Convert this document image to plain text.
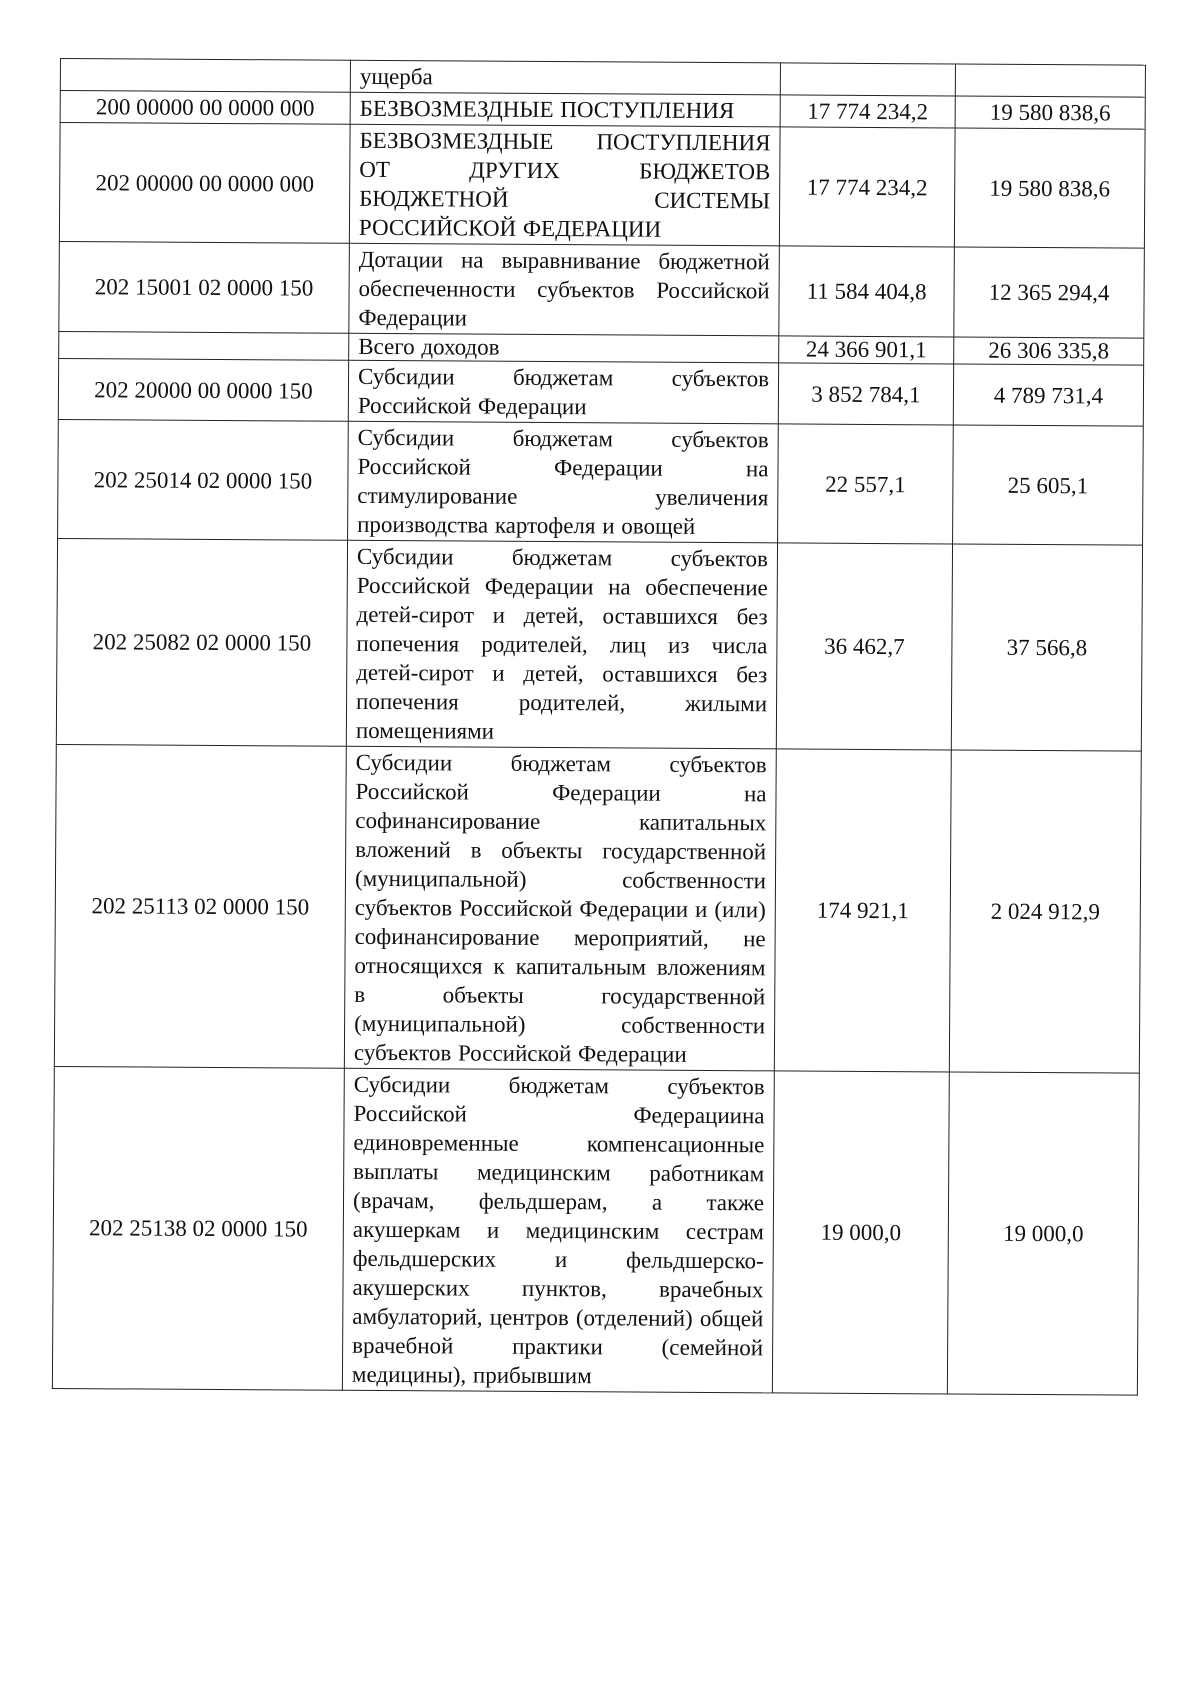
	ущерба		
200 00000 00 0000 000	БЕЗВОЗМЕЗДНЫЕ ПОСТУПЛЕНИЯ	17 774 234,2	19 580 838,6
202 00000 00 0000 000	БЕЗВОЗМЕЗДНЫЕ ПОСТУПЛЕНИЯ ОТ ДРУГИХ БЮДЖЕТОВ БЮДЖЕТНОЙ СИСТЕМЫ РОССИЙСКОЙ ФЕДЕРАЦИИ	17 774 234,2	19 580 838,6
202 15001 02 0000 150	Дотации на выравнивание бюджетной обеспеченности субъектов Российской Федерации	11 584 404,8	12 365 294,4
	Всего доходов	24 366 901,1	26 306 335,8
202 20000 00 0000 150	Субсидии бюджетам субъектов Российской Федерации	3 852 784,1	4 789 731,4
202 25014 02 0000 150	Субсидии бюджетам субъектов Российской Федерации на стимулирование увеличения производства картофеля и овощей	22 557,1	25 605,1
202 25082 02 0000 150	Субсидии бюджетам субъектов Российской Федерации на обеспечение детей-сирот и детей, оставшихся без попечения родителей, лиц из числа детей-сирот и детей, оставшихся без попечения родителей, жилыми помещениями	36 462,7	37 566,8
202 25113 02 0000 150	Субсидии бюджетам субъектов Российской Федерации на софинансирование капитальных вложений в объекты государственной (муниципальной) собственности субъектов Российской Федерации и (или) софинансирование мероприятий, не относящихся к капитальным вложениям в объекты государственной (муниципальной) собственности субъектов Российской Федерации	174 921,1	2 024 912,9
202 25138 02 0000 150	Субсидии бюджетам субъектов Российской Федерациина единовременные компенсационные выплаты медицинским работникам (врачам, фельдшерам, а также акушеркам и медицинским сестрам фельдшерских и фельдшерско-акушерских пунктов, врачебных амбулаторий, центров (отделений) общей врачебной практики (семейной медицины), прибывшим	19 000,0	19 000,0
